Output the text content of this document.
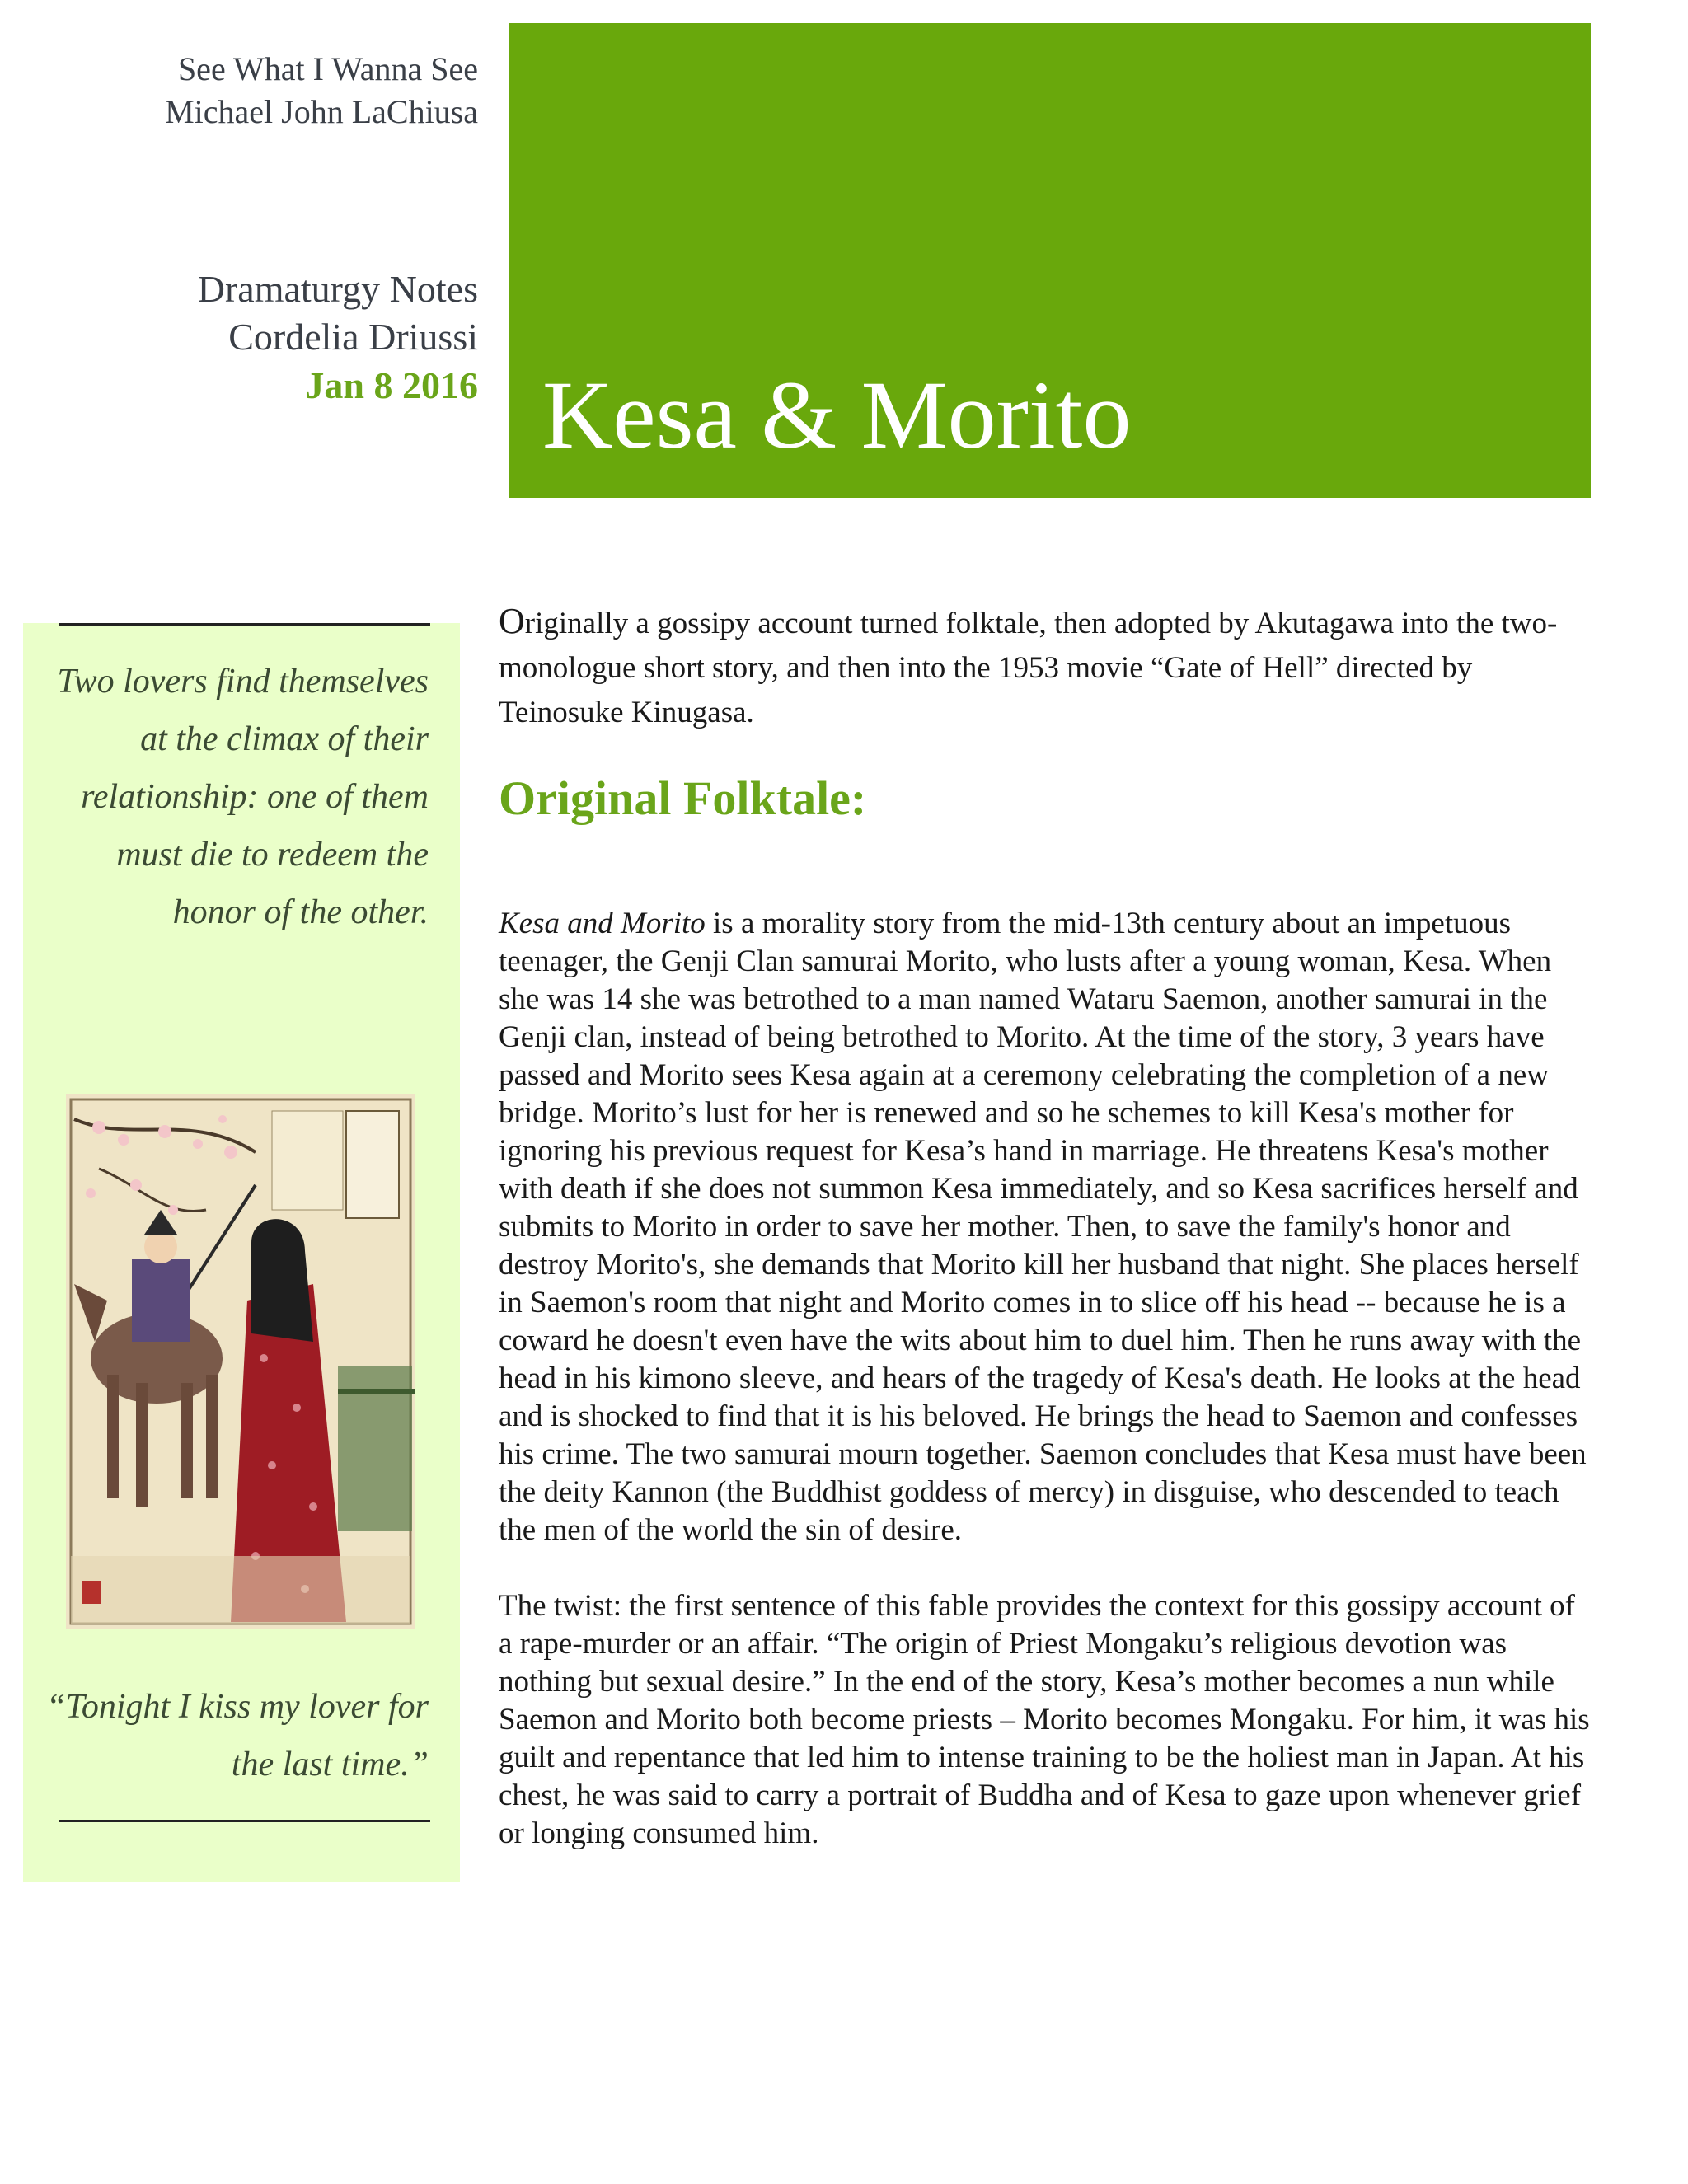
See What I Wanna See
Michael John LaChiusa
Dramaturgy Notes
Cordelia Driussi
Jan 8 2016 Kesa & Morito
Two lovers find themselves at the climax of their relationship: one of them must die to redeem the honor of the other.
“Tonight I kiss my lover for the last time.”

Originally a gossipy account turned folktale, then adopted by Akutagawa into the two-monologue short story, and then into the 1953 movie “Gate of Hell” directed by Teinosuke Kinugasa.

Original Folktale:

Kesa and Morito is a morality story from the mid-13th century about an impetuous teenager, the Genji Clan samurai Morito, who lusts after a young woman, Kesa. When she was 14 she was betrothed to a man named Wataru Saemon, another samurai in the Genji clan, instead of being betrothed to Morito. At the time of the story, 3 years have passed and Morito sees Kesa again at a ceremony celebrating the completion of a new bridge. Morito’s lust for her is renewed and so he schemes to kill Kesa's mother for ignoring his previous request for Kesa’s hand in marriage. He threatens Kesa's mother with death if she does not summon Kesa immediately, and so Kesa sacrifices herself and submits to Morito in order to save her mother. Then, to save the family's honor and destroy Morito's, she demands that Morito kill her husband that night. She places herself in Saemon's room that night and Morito comes in to slice off his head -- because he is a coward he doesn't even have the wits about him to duel him. Then he runs away with the head in his kimono sleeve, and hears of the tragedy of Kesa's death. He looks at the head and is shocked to find that it is his beloved. He brings the head to Saemon and confesses his crime. The two samurai mourn together. Saemon concludes that Kesa must have been the deity Kannon (the Buddhist goddess of mercy) in disguise, who descended to teach the men of the world the sin of desire.

The twist: the first sentence of this fable provides the context for this gossipy account of a rape-murder or an affair. “The origin of Priest Mongaku’s religious devotion was nothing but sexual desire.” In the end of the story, Kesa’s mother becomes a nun while Saemon and Morito both become priests – Morito becomes Mongaku. For him, it was his guilt and repentance that led him to intense training to be the holiest man in Japan. At his chest, he was said to carry a portrait of Buddha and of Kesa to gaze upon whenever grief or longing consumed him.
